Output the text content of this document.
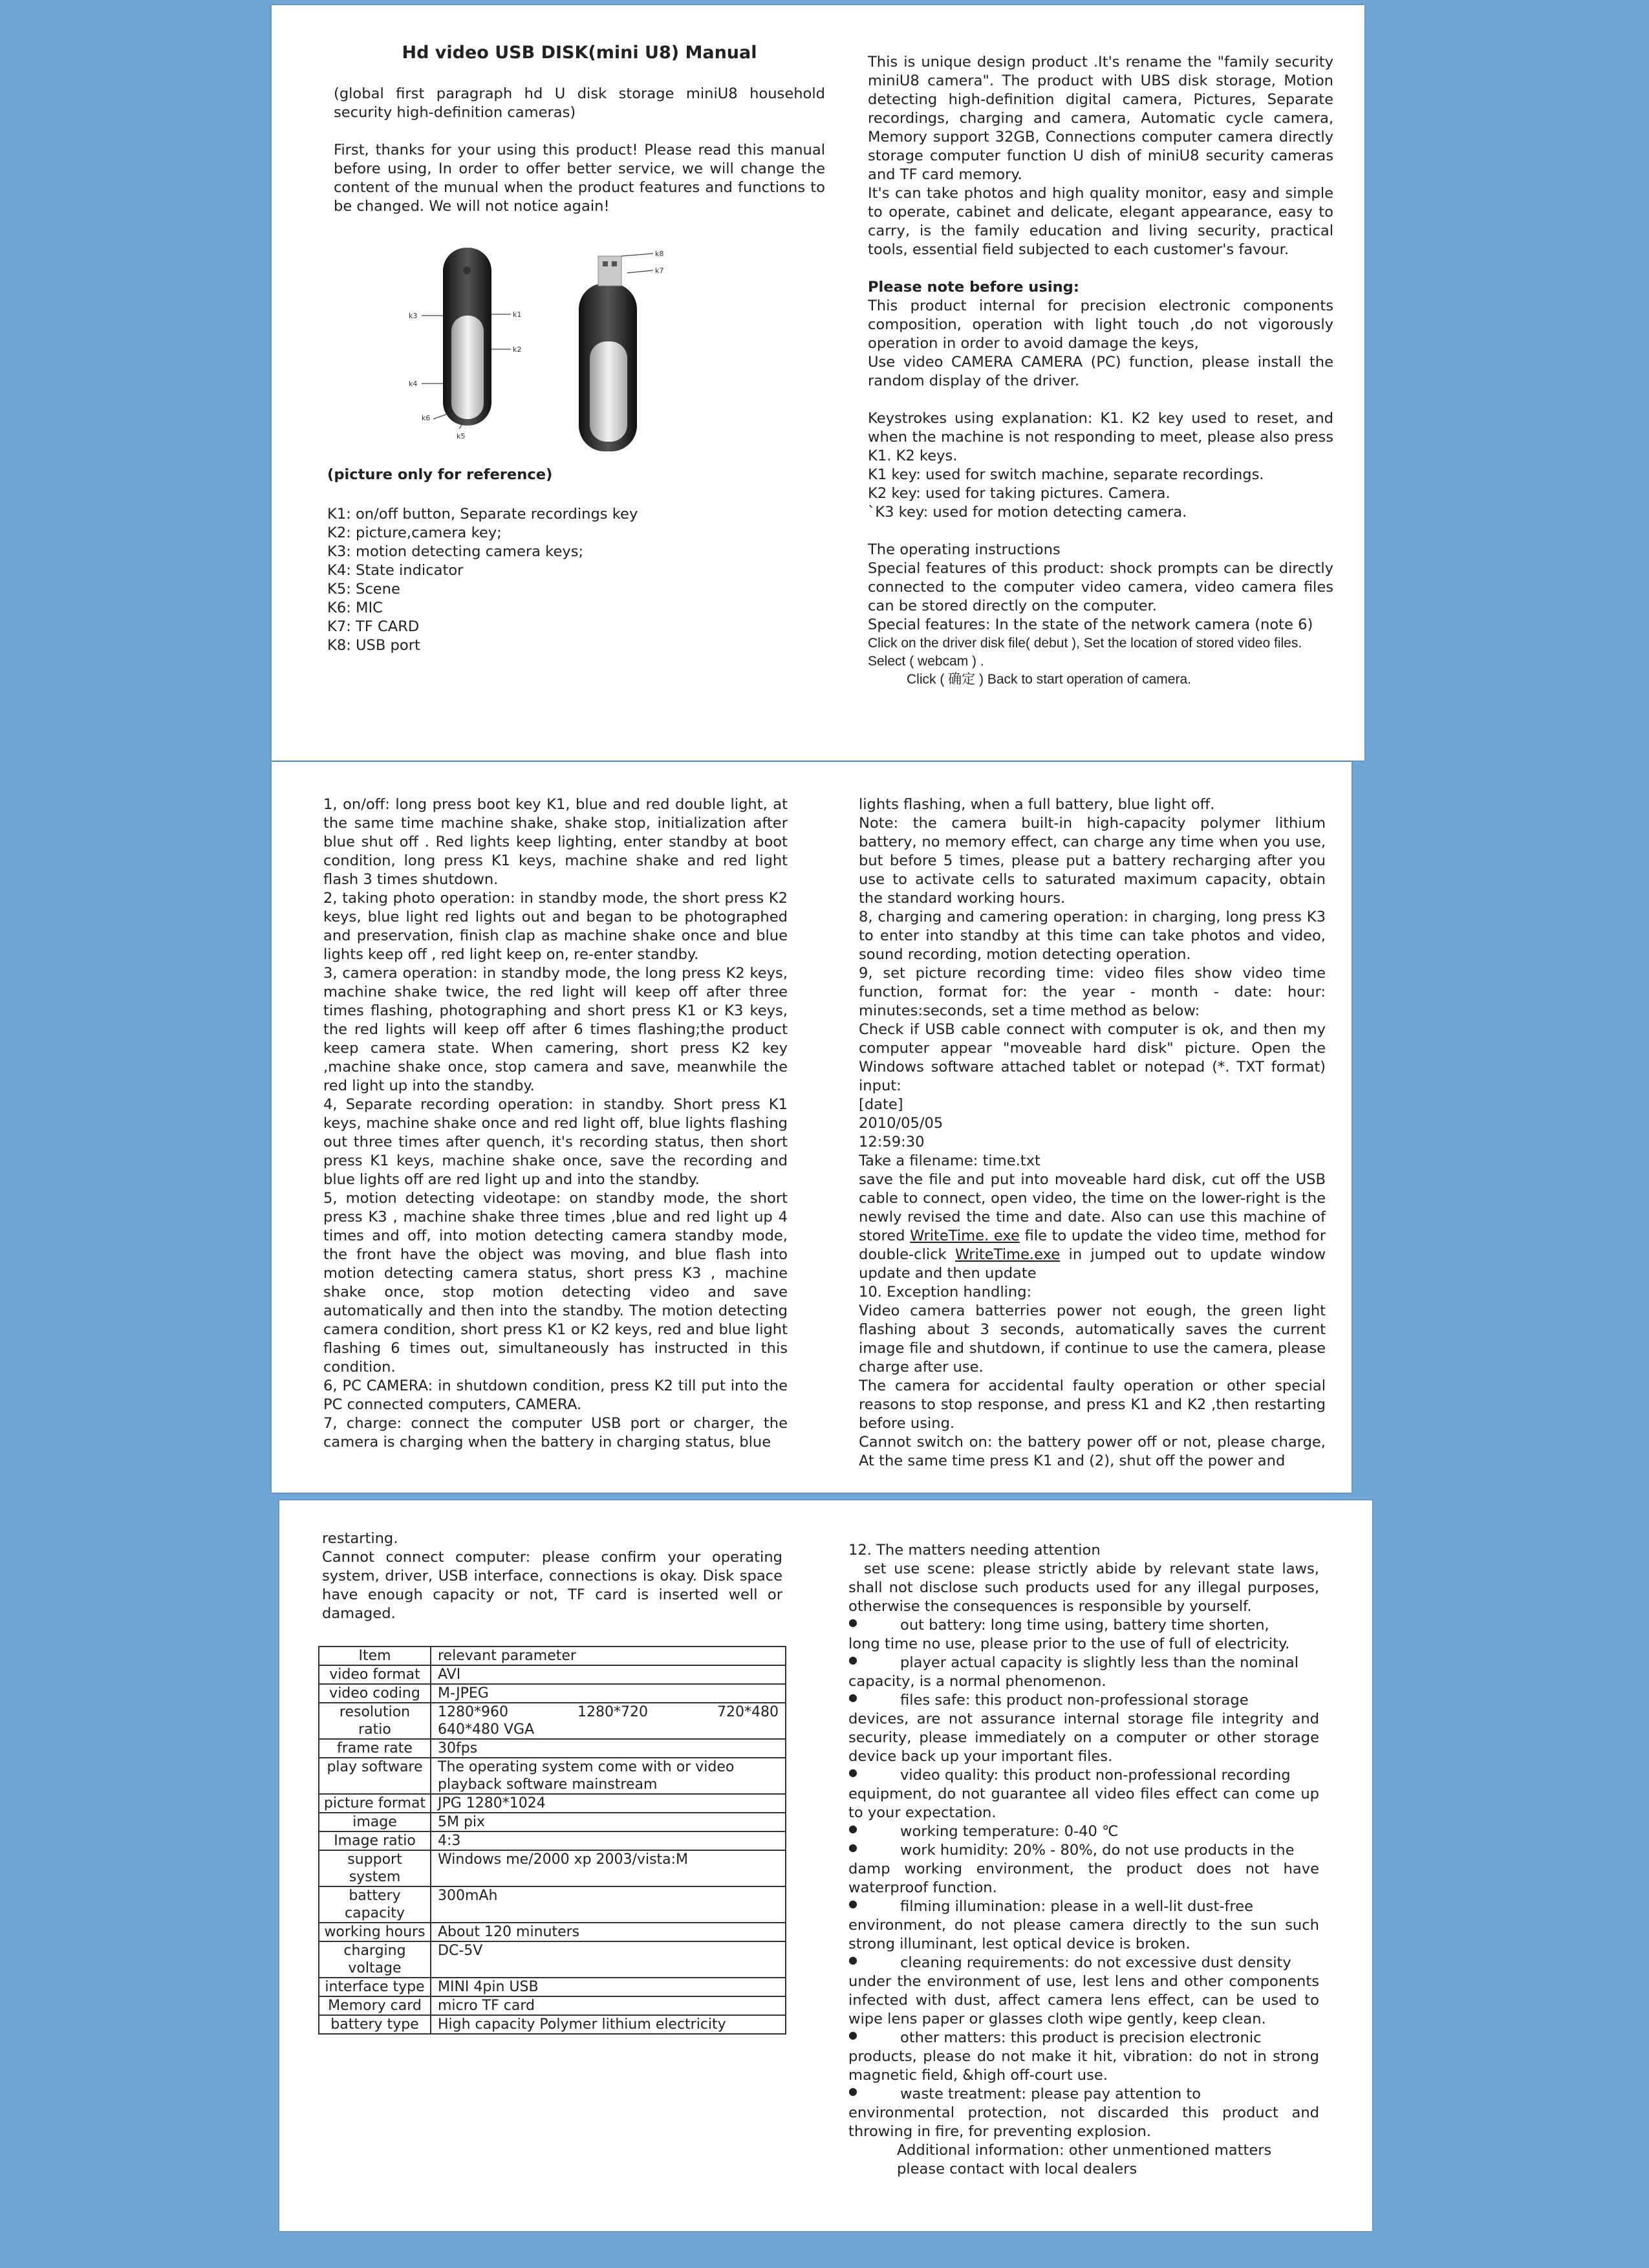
Hd video USB DISK(mini U8) Manual

(global first paragraph hd U disk storage miniU8 household security high-definition cameras)

First, thanks for your using this product! Please read this manual before using, In order to offer better service, we will change the content of the munual when the product features and functions to be changed. We will not notice again!

k3	k1
k2
k4
k6
k5
k8
k7

(picture only for reference)

K1: on/off button, Separate recordings key

K2: picture,camera key;

K3: motion detecting camera keys;

K4: State indicator

K5: Scene

K6: MIC

K7: TF CARD

K8: USB port

This is unique design product .It's rename the "family security miniU8 camera". The product with UBS disk storage, Motion detecting high-definition digital camera, Pictures, Separate recordings, charging and camera, Automatic cycle camera, Memory support 32GB, Connections computer camera directly storage computer function U dish of miniU8 security cameras and TF card memory.

It's can take photos and high quality monitor, easy and simple to operate, cabinet and delicate, elegant appearance, easy to carry, is the family education and living security, practical tools, essential field subjected to each customer's favour.

Please note before using:

This product internal for precision electronic components composition, operation with light touch ,do not vigorously operation in order to avoid damage the keys,

Use video CAMERA CAMERA (PC) function, please install the random display of the driver.

Keystrokes using explanation: K1. K2 key used to reset, and when the machine is not responding to meet, please also press K1. K2 keys.

K1 key: used for switch machine, separate recordings.

K2 key: used for taking pictures. Camera.

`K3 key: used for motion detecting camera.

The operating instructions

Special features of this product: shock prompts can be directly connected to the computer video camera, video camera files can be stored directly on the computer.

Special features: In the state of the network camera (note 6)

Click on the driver disk file( debut ), Set the location of stored video files. Select ( webcam ) .

Click ( 确定 ) Back to start operation of camera.

1, on/off: long press boot key K1, blue and red double light, at the same time machine shake, shake stop, initialization after blue shut off . Red lights keep lighting, enter standby at boot condition, long press K1 keys, machine shake and red light flash 3 times shutdown.

2, taking photo operation: in standby mode, the short press K2 keys, blue light red lights out and began to be photographed and preservation, finish clap as machine shake once and blue lights keep off , red light keep on, re-enter standby.

3, camera operation: in standby mode, the long press K2 keys, machine shake twice, the red light will keep off after three times flashing, photographing and short press K1 or K3 keys, the red lights will keep off after 6 times flashing;the product keep camera state. When camering, short press K2 key ,machine shake once, stop camera and save, meanwhile the red light up into the standby.

4, Separate recording operation: in standby. Short press K1 keys, machine shake once and red light off, blue lights flashing out three times after quench, it's recording status, then short press K1 keys, machine shake once, save the recording and blue lights off are red light up and into the standby.

5, motion detecting videotape: on standby mode, the short press K3 , machine shake three times ,blue and red light up 4 times and off, into motion detecting camera standby mode, the front have the object was moving, and blue flash into motion detecting camera status, short press K3 , machine shake once, stop motion detecting video and save automatically and then into the standby. The motion detecting camera condition, short press K1 or K2 keys, red and blue light flashing 6 times out, simultaneously has instructed in this condition.

6, PC CAMERA: in shutdown condition, press K2 till put into the PC connected computers, CAMERA.

7, charge: connect the computer USB port or charger, the camera is charging when the battery in charging status, blue

lights flashing, when a full battery, blue light off.

Note: the camera built-in high-capacity polymer lithium battery, no memory effect, can charge any time when you use, but before 5 times, please put a battery recharging after you use to activate cells to saturated maximum capacity, obtain the standard working hours.

8, charging and camering operation: in charging, long press K3 to enter into standby at this time can take photos and video, sound recording, motion detecting operation.

9, set picture recording time: video files show video time function, format for: the year - month - date: hour: minutes:seconds, set a time method as below:

Check if USB cable connect with computer is ok, and then my computer appear "moveable hard disk" picture. Open the Windows software attached tablet or notepad (*. TXT format) input:

[date]

2010/05/05

12:59:30

Take a filename: time.txt

save the file and put into moveable hard disk, cut off the USB cable to connect, open video, the time on the lower-right is the newly revised the time and date. Also can use this machine of stored WriteTime. exe file to update the video time, method for double-click WriteTime.exe in jumped out to update window update and then update

10. Exception handling:

Video camera batterries power not eough, the green light flashing about 3 seconds, automatically saves the current image file and shutdown, if continue to use the camera, please charge after use.

The camera for accidental faulty operation or other special reasons to stop response, and press K1 and K2 ,then restarting before using.

Cannot switch on: the battery power off or not, please charge, At the same time press K1 and (2), shut off the power and

restarting.

Cannot connect computer: please confirm your operating system, driver, USB interface, connections is okay. Disk space have enough capacity or not, TF card is inserted well or damaged.

Item	relevant parameter
video format	AVI
video coding	M-JPEG
resolution ratio	1280*960 1280*720 720*480
640*480 VGA

frame rate	30fps
play software	The operating system come with or video playback software mainstream
picture format	JPG 1280*1024
image	5M pix
Image ratio	4:3
support system	Windows me/2000 xp 2003/vista:M
battery capacity	300mAh
working hours	About 120 minuters
charging voltage	DC-5V
interface type	MINI 4pin USB
Memory card	micro TF card
battery type	High capacity Polymer lithium electricity

12. The matters needing attention

set use scene: please strictly abide by relevant state laws, shall not disclose such products used for any illegal purposes, otherwise the consequences is responsible by yourself.

●
out battery: long time using, battery time shorten,

long time no use, please prior to the use of full of electricity.

●
player actual capacity is slightly less than the nominal

capacity, is a normal phenomenon.

●
files safe: this product non-professional storage

devices, are not assurance internal storage file integrity and security, please immediately on a computer or other storage device back up your important files.

●
video quality: this product non-professional recording

equipment, do not guarantee all video files effect can come up to your expectation.

●
working temperature: 0-40 ℃
●
work humidity: 20% - 80%, do not use products in the

damp working environment, the product does not have waterproof function.

●
filming illumination: please in a well-lit dust-free

environment, do not please camera directly to the sun such strong illuminant, lest optical device is broken.

●
cleaning requirements: do not excessive dust density

under the environment of use, lest lens and other components infected with dust, affect camera lens effect, can be used to wipe lens paper or glasses cloth wipe gently, keep clean.

●
other matters: this product is precision electronic

products, please do not make it hit, vibration: do not in strong magnetic field, &high off-court use.

●
waste treatment: please pay attention to

environmental protection, not discarded this product and throwing in fire, for preventing explosion.

Additional information: other unmentioned matters

please contact with local dealers
